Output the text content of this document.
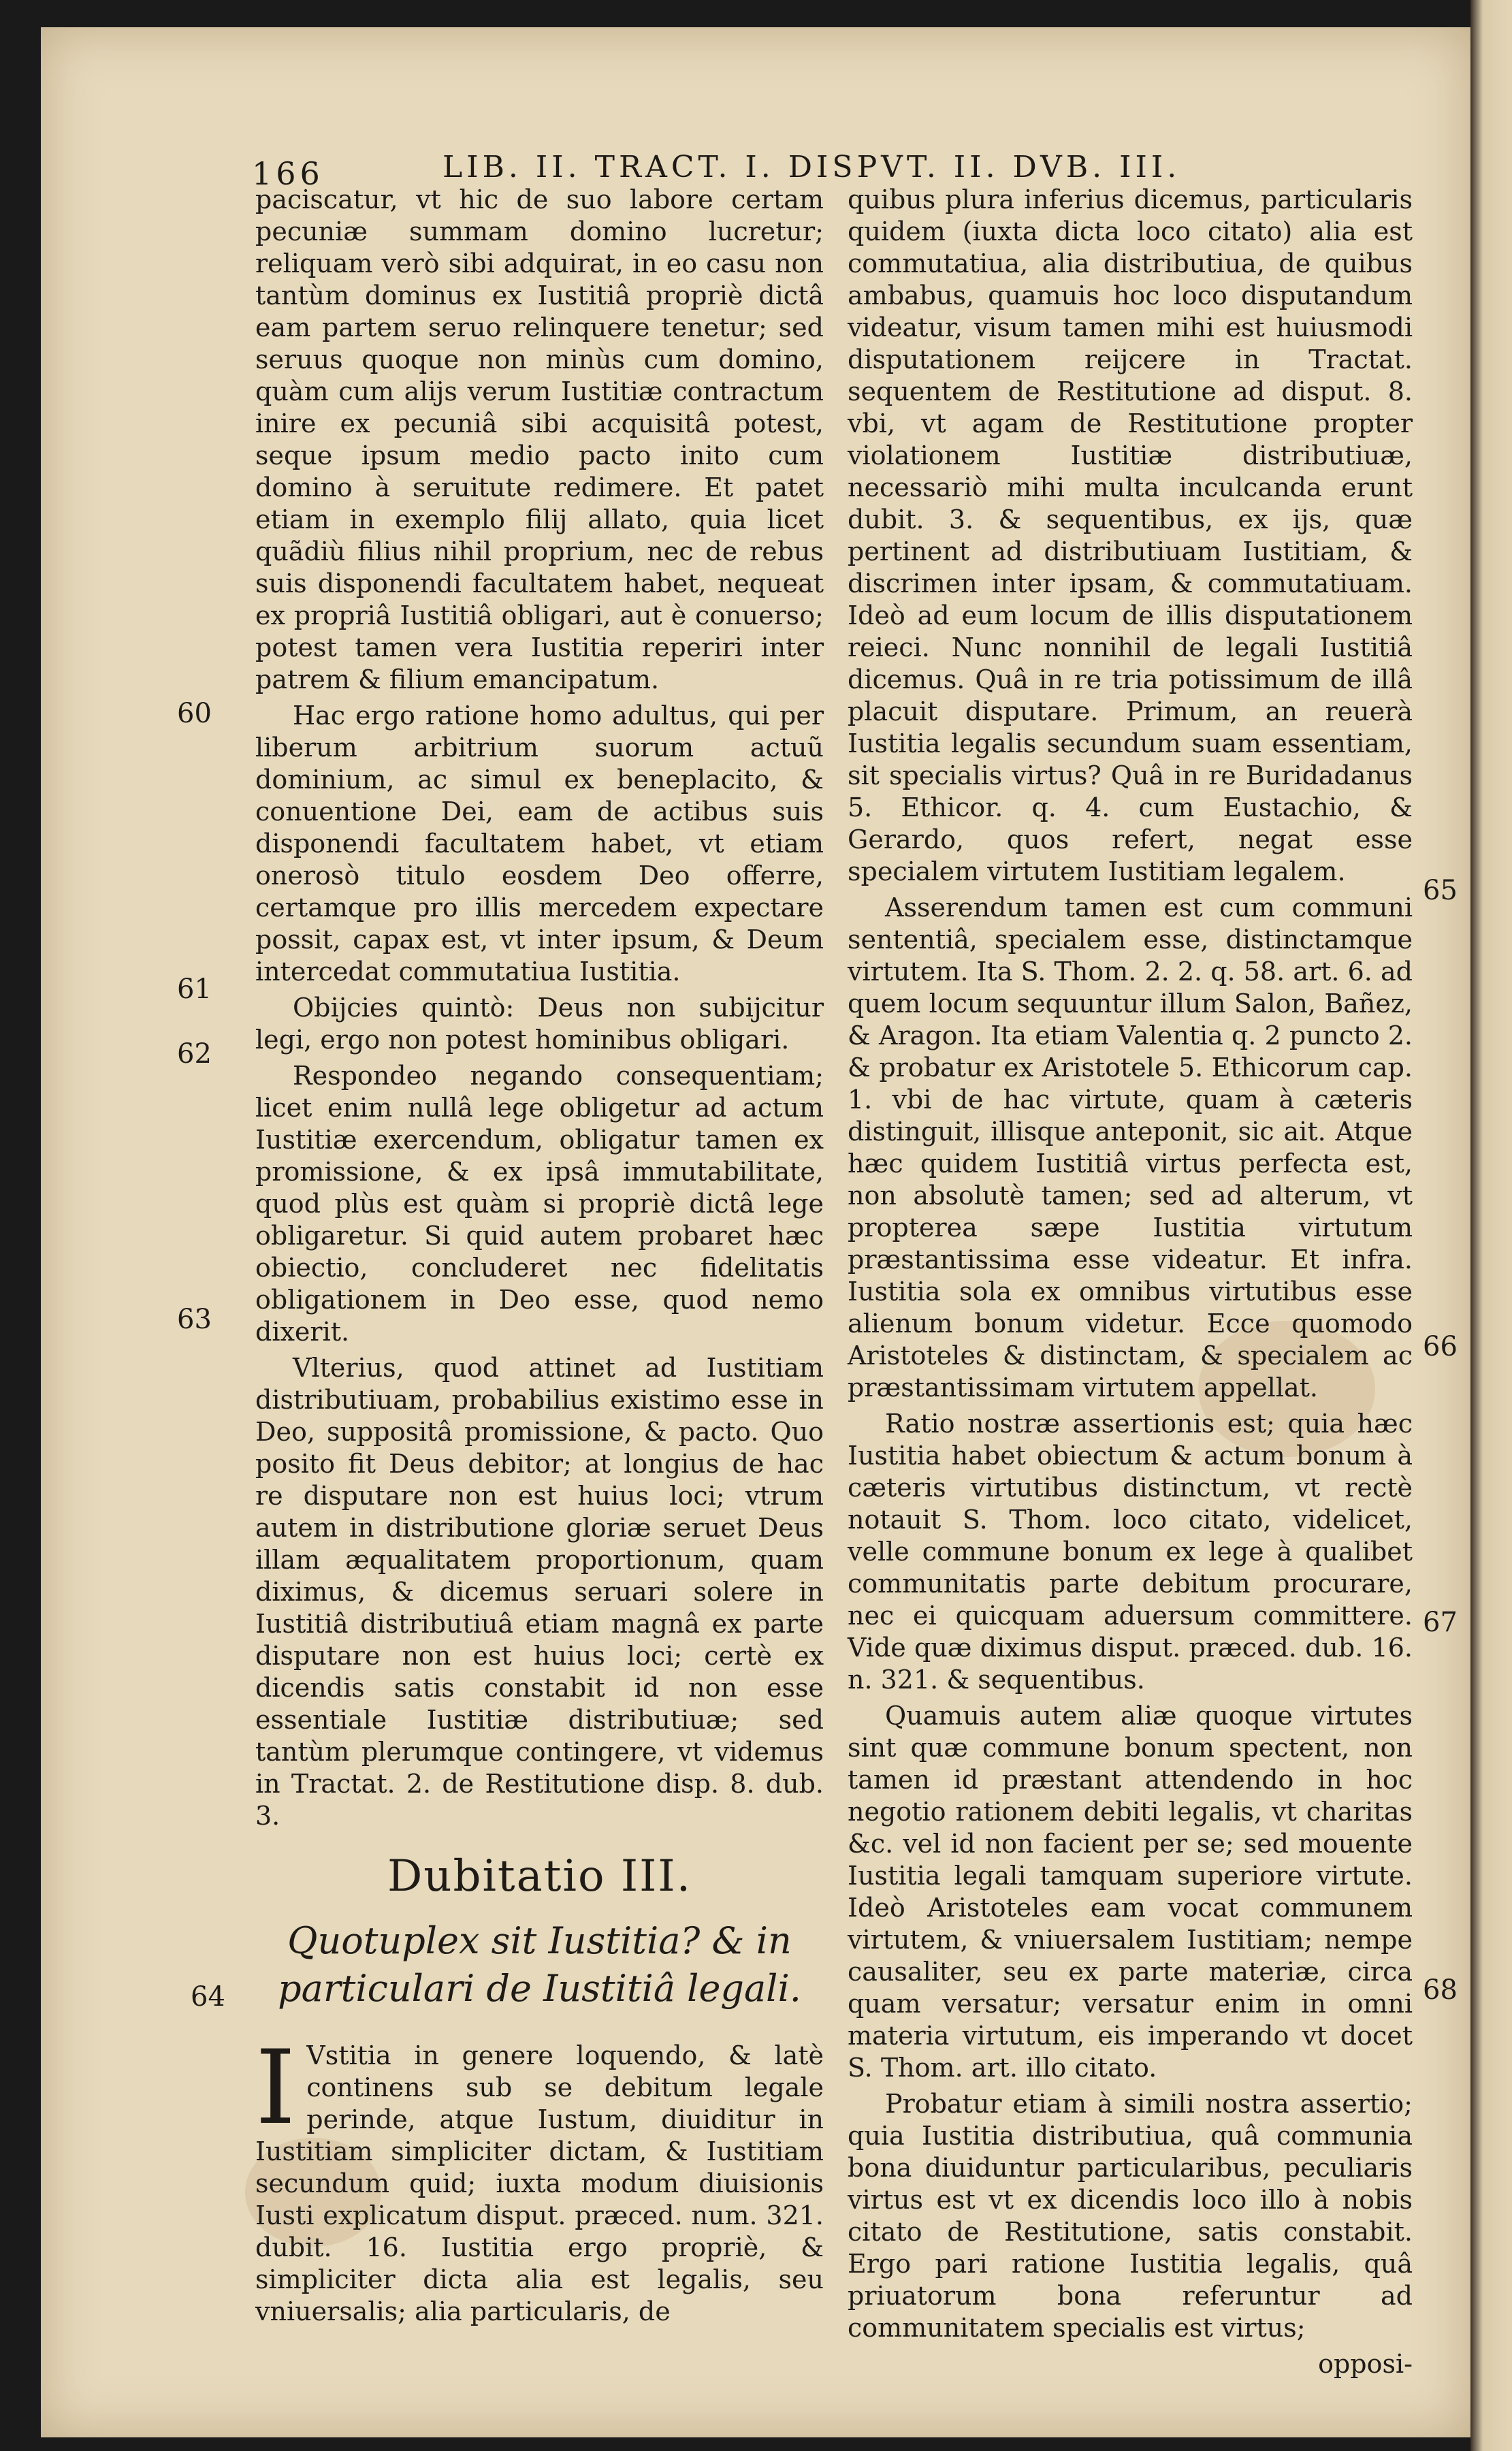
166	LIB. II. TRACT. I. DISPVT. II. DVB. III.
60
61
62
63
64
65
66
67
68

paciscatur, vt hic de suo labore certam pecuniæ summam domino lucretur; reliquam verò sibi adquirat, in eo casu non tantùm dominus ex Iustitiâ propriè dictâ eam partem seruo relinquere tenetur; sed seruus quoque non minùs cum domino, quàm cum alijs verum Iustitiæ contractum inire ex pecuniâ sibi acquisitâ potest, seque ipsum medio pacto inito cum domino à seruitute redimere. Et patet etiam in exemplo filij allato, quia licet quãdiù filius nihil proprium, nec de rebus suis disponendi facultatem habet, nequeat ex propriâ Iustitiâ obligari, aut è conuerso; potest tamen vera Iustitia reperiri inter patrem & filium emancipatum.

Hac ergo ratione homo adultus, qui per liberum arbitrium suorum actuũ dominium, ac simul ex beneplacito, & conuentione Dei, eam de actibus suis disponendi facultatem habet, vt etiam onerosò titulo eosdem Deo offerre, certamque pro illis mercedem expectare possit, capax est, vt inter ipsum, & Deum intercedat commutatiua Iustitia.

Obijcies quintò: Deus non subijcitur legi, ergo non potest hominibus obligari.

Respondeo negando consequentiam; licet enim nullâ lege obligetur ad actum Iustitiæ exercendum, obligatur tamen ex promissione, & ex ipsâ immutabilitate, quod plùs est quàm si propriè dictâ lege obligaretur. Si quid autem probaret hæc obiectio, concluderet nec fidelitatis obligationem in Deo esse, quod nemo dixerit.

Vlterius, quod attinet ad Iustitiam distributiuam, probabilius existimo esse in Deo, suppositâ promissione, & pacto. Quo posito fit Deus debitor; at longius de hac re disputare non est huius loci; vtrum autem in distributione gloriæ seruet Deus illam æqualitatem proportionum, quam diximus, & dicemus seruari solere in Iustitiâ distributiuâ etiam magnâ ex parte disputare non est huius loci; certè ex dicendis satis constabit id non esse essentiale Iustitiæ distributiuæ; sed tantùm plerumque contingere, vt videmus in Tractat. 2. de Restitutione disp. 8. dub. 3.

Dubitatio III.
Quotuplex sit Iustitia? & in particulari de Iustitiâ legali.

I Vstitia in genere loquendo, & latè continens sub se debitum legale perinde, atque Iustum, diuiditur in Iustitiam simpliciter dictam, & Iustitiam secundum quid; iuxta modum diuisionis Iusti explicatum disput. præced. num. 321. dubit. 16. Iustitia ergo propriè, & simpliciter dicta alia est legalis, seu vniuersalis; alia particularis, de

quibus plura inferius dicemus, particularis quidem (iuxta dicta loco citato) alia est commutatiua, alia distributiua, de quibus ambabus, quamuis hoc loco disputandum videatur, visum tamen mihi est huiusmodi disputationem reijcere in Tractat. sequentem de Restitutione ad disput. 8. vbi, vt agam de Restitutione propter violationem Iustitiæ distributiuæ, necessariò mihi multa inculcanda erunt dubit. 3. & sequentibus, ex ijs, quæ pertinent ad distributiuam Iustitiam, & discrimen inter ipsam, & commutatiuam. Ideò ad eum locum de illis disputationem reieci. Nunc nonnihil de legali Iustitiâ dicemus. Quâ in re tria potissimum de illâ placuit disputare. Primum, an reuerà Iustitia legalis secundum suam essentiam, sit specialis virtus? Quâ in re Buridadanus 5. Ethicor. q. 4. cum Eustachio, & Gerardo, quos refert, negat esse specialem virtutem Iustitiam legalem.

Asserendum tamen est cum communi sententiâ, specialem esse, distinctamque virtutem. Ita S. Thom. 2. 2. q. 58. art. 6. ad quem locum sequuntur illum Salon, Bañez, & Aragon. Ita etiam Valentia q. 2 puncto 2. & probatur ex Aristotele 5. Ethicorum cap. 1. vbi de hac virtute, quam à cæteris distinguit, illisque anteponit, sic ait. Atque hæc quidem Iustitiâ virtus perfecta est, non absolutè tamen; sed ad alterum, vt propterea sæpe Iustitia virtutum præstantissima esse videatur. Et infra. Iustitia sola ex omnibus virtutibus esse alienum bonum videtur. Ecce quomodo Aristoteles & distinctam, & specialem ac præstantissimam virtutem appellat.

Ratio nostræ assertionis est; quia hæc Iustitia habet obiectum & actum bonum à cæteris virtutibus distinctum, vt rectè notauit S. Thom. loco citato, videlicet, velle commune bonum ex lege à qualibet communitatis parte debitum procurare, nec ei quicquam aduersum committere. Vide quæ diximus disput. præced. dub. 16. n. 321. & sequentibus.

Quamuis autem aliæ quoque virtutes sint quæ commune bonum spectent, non tamen id præstant attendendo in hoc negotio rationem debiti legalis, vt charitas &c. vel id non facient per se; sed mouente Iustitia legali tamquam superiore virtute. Ideò Aristoteles eam vocat communem virtutem, & vniuersalem Iustitiam; nempe causaliter, seu ex parte materiæ, circa quam versatur; versatur enim in omni materia virtutum, eis imperando vt docet S. Thom. art. illo citato.

Probatur etiam à simili nostra assertio; quia Iustitia distributiua, quâ communia bona diuiduntur particularibus, peculiaris virtus est vt ex dicendis loco illo à nobis citato de Restitutione, satis constabit. Ergo pari ratione Iustitia legalis, quâ priuatorum bona referuntur ad communitatem specialis est virtus;

opposi-
